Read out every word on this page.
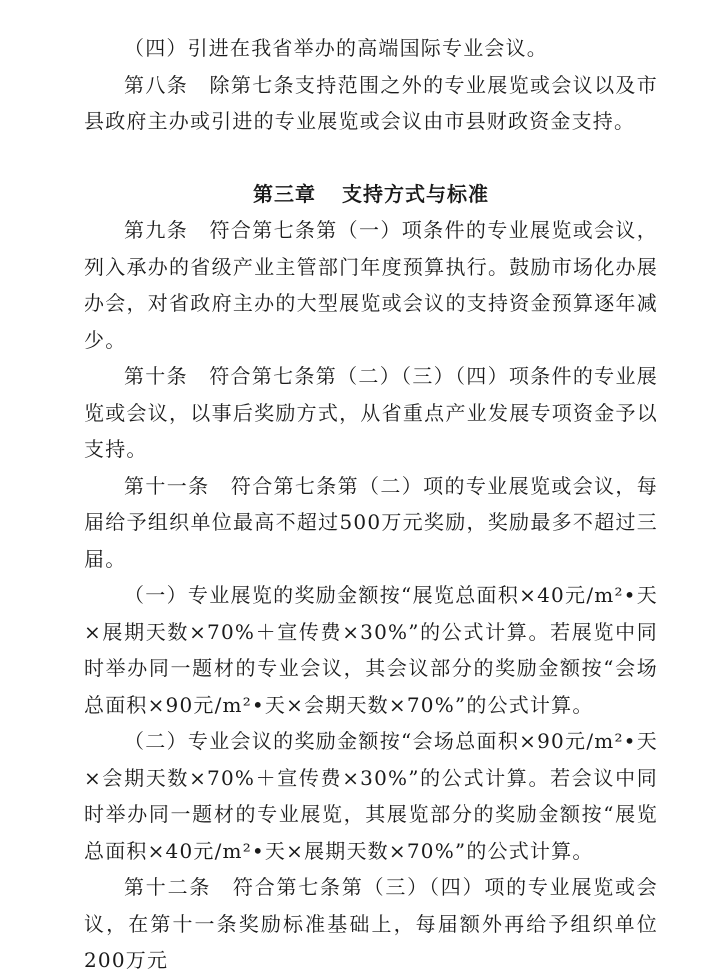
（四）引进在我省举办的高端国际专业会议。

第八条　除第七条支持范围之外的专业展览或会议以及市县政府主办或引进的专业展览或会议由市县财政资金支持。

第三章 支持方式与标准

第九条　符合第七条第（一）项条件的专业展览或会议，列入承办的省级产业主管部门年度预算执行。鼓励市场化办展办会，对省政府主办的大型展览或会议的支持资金预算逐年减少。

第十条　符合第七条第（二）（三）（四）项条件的专业展览或会议，以事后奖励方式，从省重点产业发展专项资金予以支持。

第十一条　符合第七条第（二）项的专业展览或会议，每届给予组织单位最高不超过500万元奖励，奖励最多不超过三届。

（一）专业展览的奖励金额按“展览总面积×40元/m²•天×展期天数×70%＋宣传费×30%”的公式计算。若展览中同时举办同一题材的专业会议，其会议部分的奖励金额按“会场总面积×90元/m²•天×会期天数×70%”的公式计算。

（二）专业会议的奖励金额按“会场总面积×90元/m²•天×会期天数×70%＋宣传费×30%”的公式计算。若会议中同时举办同一题材的专业展览，其展览部分的奖励金额按“展览总面积×40元/m²•天×展期天数×70%”的公式计算。

第十二条　符合第七条第（三）（四）项的专业展览或会议，在第十一条奖励标准基础上，每届额外再给予组织单位200万元
